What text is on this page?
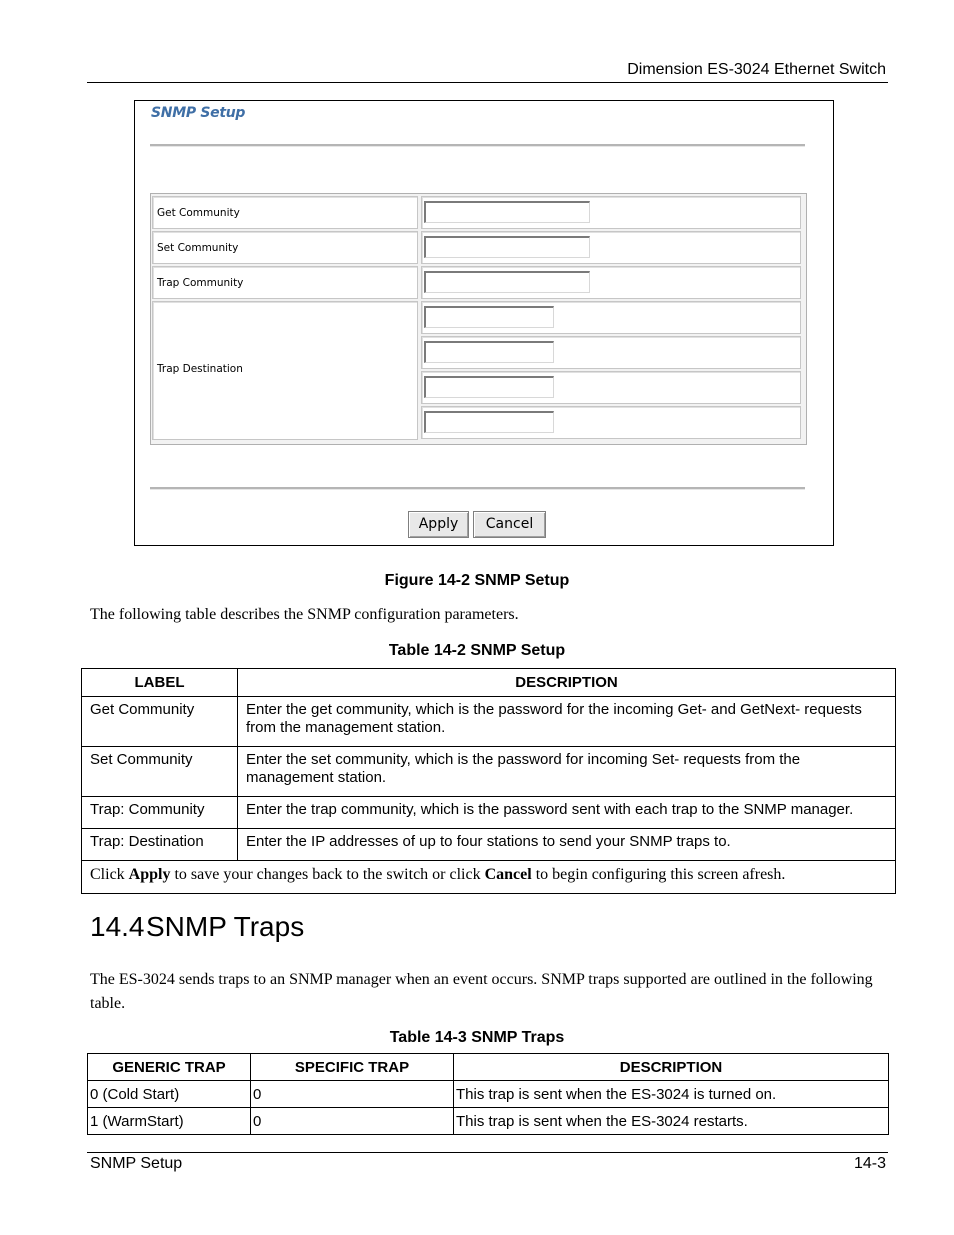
Dimension ES-3024 Ethernet Switch
SNMP Setup
Get Community
Set Community
Trap Community
Trap Destination
Apply	Cancel
Figure 14-2 SNMP Setup
The following table describes the SNMP configuration parameters.
Table 14-2 SNMP Setup
LABEL	DESCRIPTION
Get Community	Enter the get community, which is the password for the incoming Get- and GetNext- requests from the management station.
Set Community	Enter the set community, which is the password for incoming Set- requests from the management station.
Trap: Community	Enter the trap community, which is the password sent with each trap to the SNMP manager.
Trap: Destination	Enter the IP addresses of up to four stations to send your SNMP traps to.
Click Apply to save your changes back to the switch or click Cancel to begin configuring this screen afresh.	
14.4SNMP Traps
The ES-3024 sends traps to an SNMP manager when an event occurs. SNMP traps supported are outlined in the following table.
Table 14-3 SNMP Traps
GENERIC TRAP	SPECIFIC TRAP	DESCRIPTION
0 (Cold Start)	0	This trap is sent when the ES-3024 is turned on.
1 (WarmStart)	0	This trap is sent when the ES-3024 restarts.
SNMP Setup	14-3
